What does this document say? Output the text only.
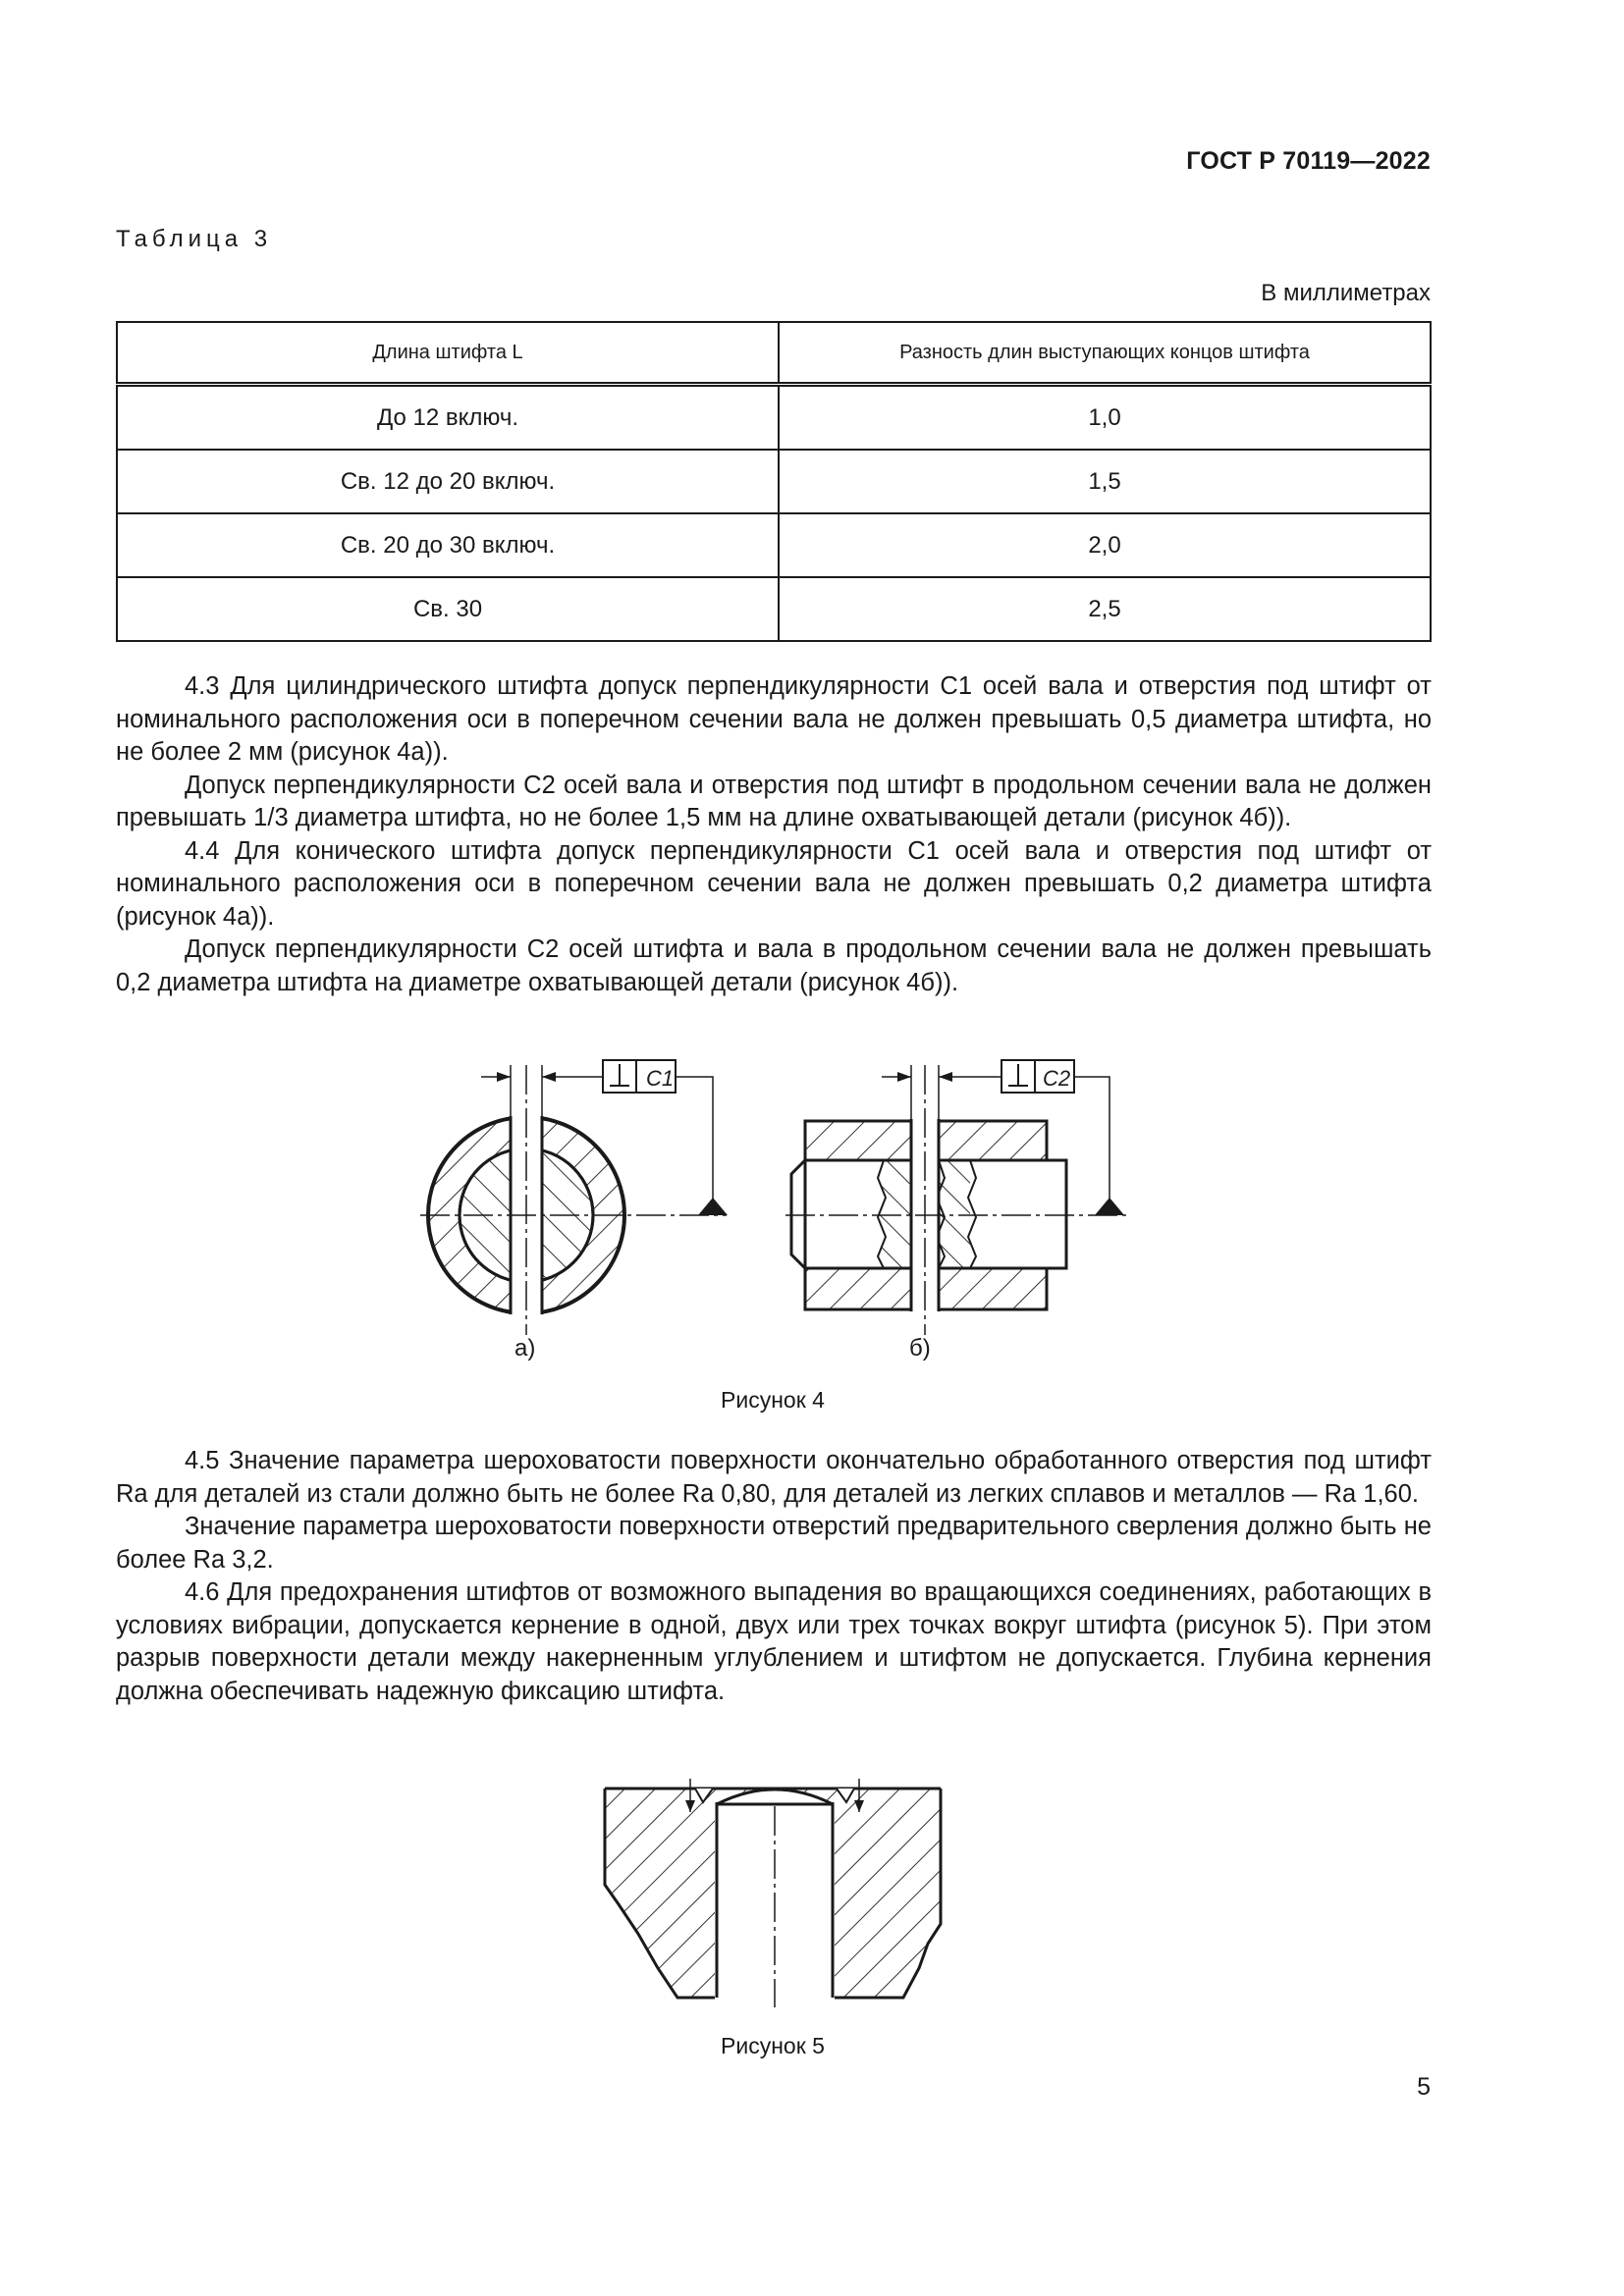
ГОСТ Р 70119—2022
Таблица 3
В миллиметрах
Длина штифта L	Разность длин выступающих концов штифта
До 12 включ.	1,0
Св. 12 до 20 включ.	1,5
Св. 20 до 30 включ.	2,0
Св. 30	2,5

4.3 Для цилиндрического штифта допуск перпендикулярности C1 осей вала и отверстия под штифт от номинального расположения оси в поперечном сечении вала не должен превышать 0,5 диаметра штифта, но не более 2 мм (рисунок 4а)).

Допуск перпендикулярности C2 осей вала и отверстия под штифт в продольном сечении вала не должен превышать 1/3 диаметра штифта, но не более 1,5 мм на длине охватывающей детали (рисунок 4б)).

4.4 Для конического штифта допуск перпендикулярности C1 осей вала и отверстия под штифт от номинального расположения оси в поперечном сечении вала не должен превышать 0,2 диаметра штифта (рисунок 4а)).

Допуск перпендикулярности C2 осей штифта и вала в продольном сечении вала не должен превышать 0,2 диаметра штифта на диаметре охватывающей детали (рисунок 4б)).

C1	C2
а)	б)
Рисунок 4

4.5 Значение параметра шероховатости поверхности окончательно обработанного отверстия под штифт Ra для деталей из стали должно быть не более Ra 0,80, для деталей из легких сплавов и металлов — Ra 1,60.

Значение параметра шероховатости поверхности отверстий предварительного сверления должно быть не более Ra 3,2.

4.6 Для предохранения штифтов от возможного выпадения во вращающихся соединениях, работающих в условиях вибрации, допускается кернение в одной, двух или трех точках вокруг штифта (рисунок 5). При этом разрыв поверхности детали между накерненным углублением и штифтом не допускается. Глубина кернения должна обеспечивать надежную фиксацию штифта.

Рисунок 5
5
